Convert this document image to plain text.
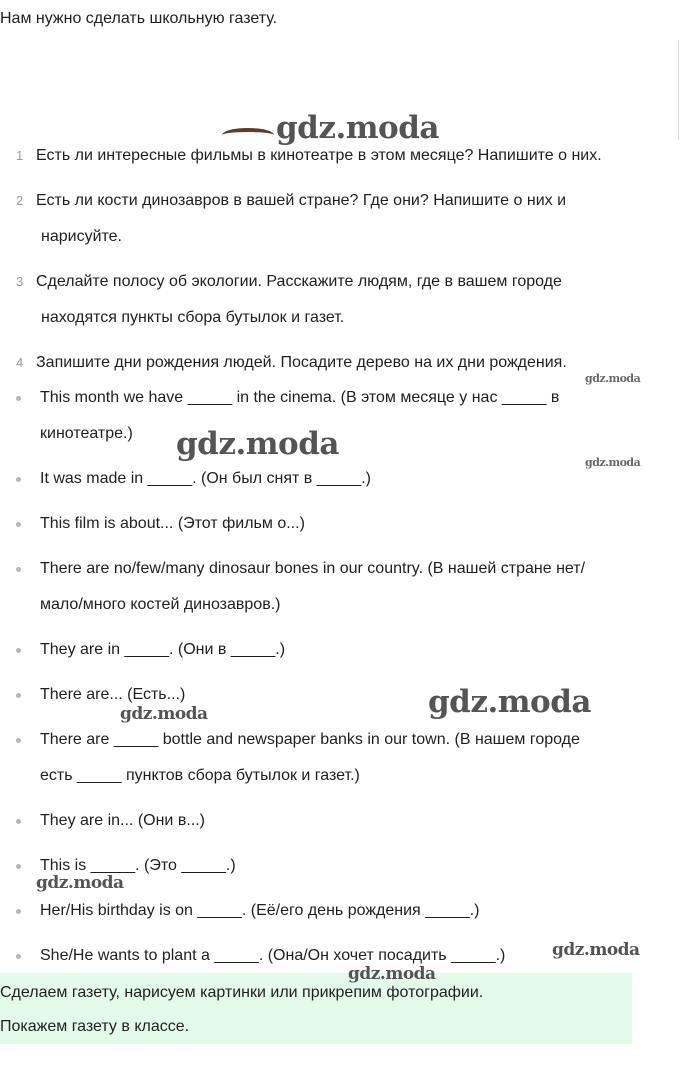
Нам нужно сделать школьную газету.
1 Есть ли интересные фильмы в кинотеатре в этом месяце? Напишите о них.
2 Есть ли кости динозавров в вашей стране? Где они? Напишите о них и
нарисуйте.
3 Сделайте полосу об экологии. Расскажите людям, где в вашем городе
находятся пункты сбора бутылок и газет.
4 Запишите дни рождения людей. Посадите дерево на их дни рождения.
This month we have _____ in the cinema. (В этом месяце у нас _____ в
кинотеатре.)
It was made in _____. (Он был снят в _____.)
This film is about... (Этот фильм о...)
There are no/few/many dinosaur bones in our country. (В нашей стране нет/
мало/много костей динозавров.)
They are in _____. (Они в _____.)
There are... (Есть...)
There are _____ bottle and newspaper banks in our town. (В нашем городе
есть _____ пунктов сбора бутылок и газет.)
They are in... (Они в...)
This is _____. (Это _____.)
Her/His birthday is on _____. (Её/его день рождения _____.)
She/He wants to plant a _____. (Она/Он хочет посадить _____.)
Сделаем газету, нарисуем картинки или прикрепим фотографии.
Покажем газету в классе.
gdz.moda
gdz.moda
gdz.moda
gdz.moda
gdz.moda
gdz.moda
gdz.moda
gdz.moda
gdz.moda
